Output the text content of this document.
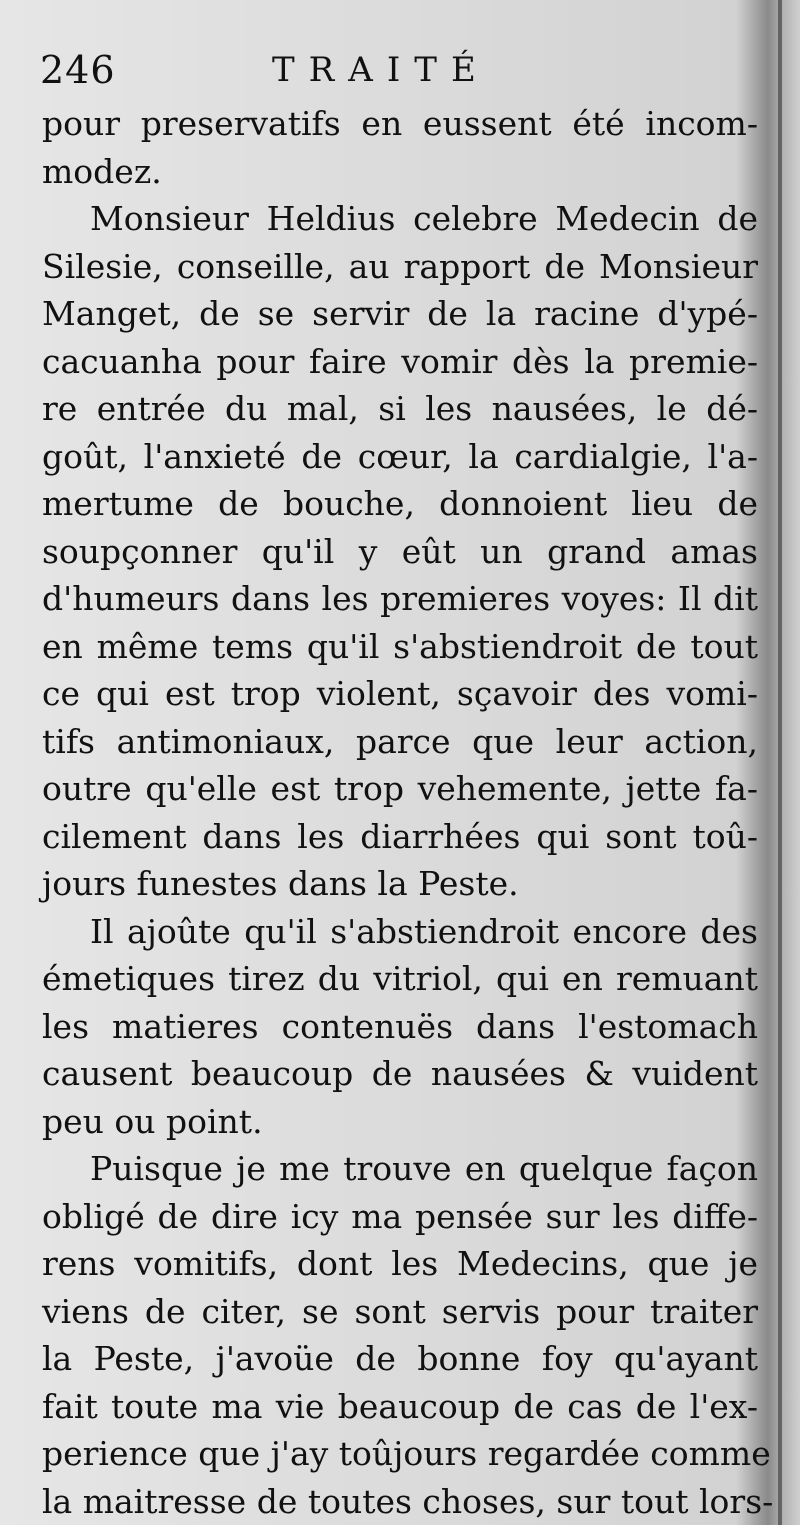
246	TRAITÉ
pour preservatifs en eussent été incom-
modez.
Monsieur Heldius celebre Medecin de
Silesie, conseille, au rapport de Monsieur
Manget, de se servir de la racine d'ypé-
cacuanha pour faire vomir dès la premie-
re entrée du mal, si les nausées, le dé-
goût, l'anxieté de cœur, la cardialgie, l'a-
mertume de bouche, donnoient lieu de
soupçonner qu'il y eût un grand amas
d'humeurs dans les premieres voyes: Il dit
en même tems qu'il s'abstiendroit de tout
ce qui est trop violent, sçavoir des vomi-
tifs antimoniaux, parce que leur action,
outre qu'elle est trop vehemente, jette fa-
cilement dans les diarrhées qui sont toû-
jours funestes dans la Peste.
Il ajoûte qu'il s'abstiendroit encore des
émetiques tirez du vitriol, qui en remuant
les matieres contenuës dans l'estomach
causent beaucoup de nausées & vuident
peu ou point.
Puisque je me trouve en quelque façon
obligé de dire icy ma pensée sur les diffe-
rens vomitifs, dont les Medecins, que je
viens de citer, se sont servis pour traiter
la Peste, j'avoüe de bonne foy qu'ayant
fait toute ma vie beaucoup de cas de l'ex-
perience que j'ay toûjours regardée comme
la maitresse de toutes choses, sur tout lors-
